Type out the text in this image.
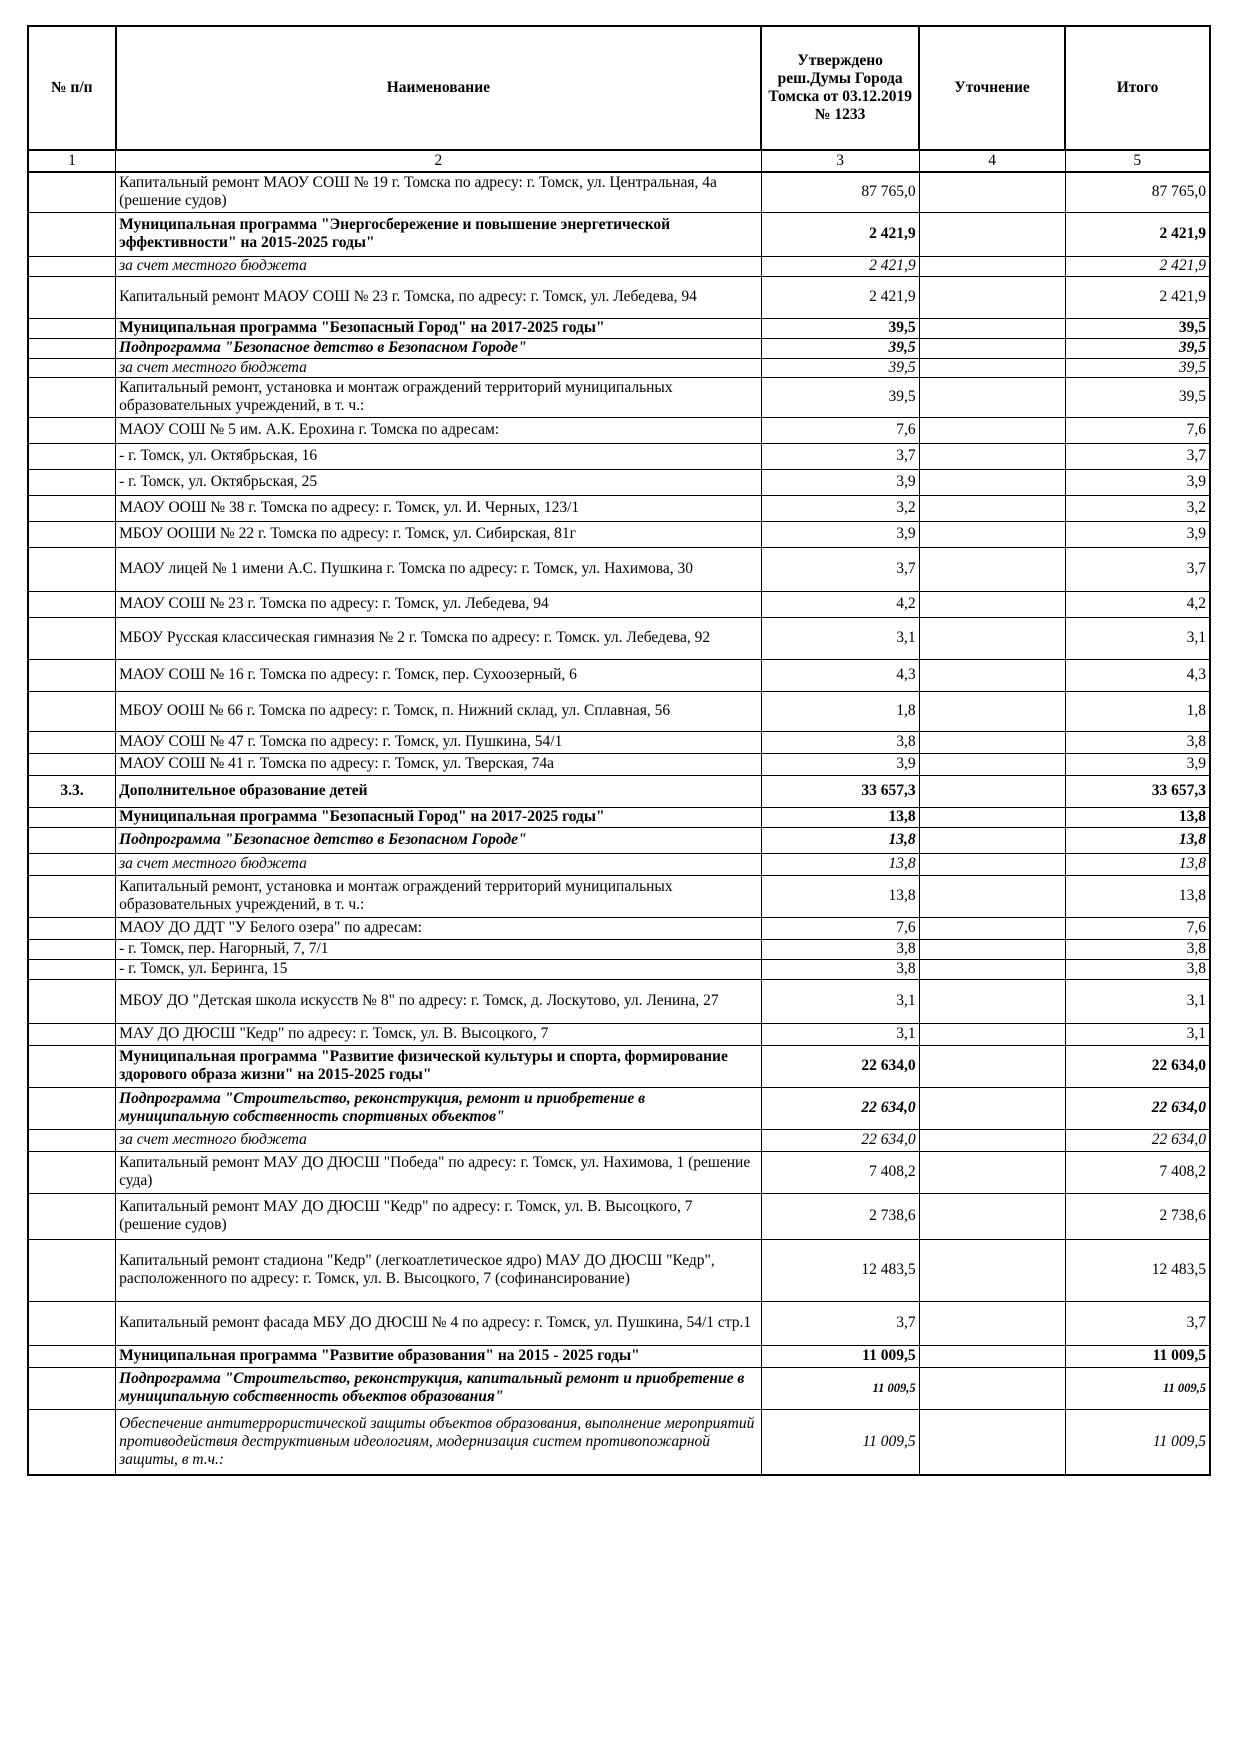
№ п/п	Наименование	Утверждено реш.Думы Города Томска от 03.12.2019 № 1233	Уточнение	Итого
1	2	3	4	5
	Капитальный ремонт МАОУ СОШ № 19 г. Томска по адресу: г. Томск, ул. Центральная, 4а (решение судов)	87 765,0		87 765,0
	Муниципальная программа "Энергосбережение и повышение энергетической эффективности" на 2015-2025 годы"	2 421,9		2 421,9
	за счет местного бюджета	2 421,9		2 421,9
	Капитальный ремонт МАОУ СОШ № 23 г. Томска, по адресу: г. Томск, ул. Лебедева, 94	2 421,9		2 421,9
	Муниципальная программа "Безопасный Город" на 2017-2025 годы"	39,5		39,5
	Подпрограмма "Безопасное детство в Безопасном Городе"	39,5		39,5
	за счет местного бюджета	39,5		39,5
	Капитальный ремонт, установка и монтаж ограждений территорий муниципальных образовательных учреждений, в т. ч.:	39,5		39,5
	МАОУ СОШ № 5 им. А.К. Ерохина г. Томска по адресам:	7,6		7,6
	- г. Томск, ул. Октябрьская, 16	3,7		3,7
	- г. Томск, ул. Октябрьская, 25	3,9		3,9
	МАОУ ООШ № 38 г. Томска по адресу: г. Томск, ул. И. Черных, 123/1	3,2		3,2
	МБОУ ООШИ № 22 г. Томска по адресу: г. Томск, ул. Сибирская, 81г	3,9		3,9
	МАОУ лицей № 1 имени А.С. Пушкина г. Томска по адресу: г. Томск, ул. Нахимова, 30	3,7		3,7
	МАОУ СОШ № 23 г. Томска по адресу: г. Томск, ул. Лебедева, 94	4,2		4,2
	МБОУ Русская классическая гимназия № 2 г. Томска по адресу: г. Томск. ул. Лебедева, 92	3,1		3,1
	МАОУ СОШ № 16 г. Томска по адресу: г. Томск, пер. Сухоозерный, 6	4,3		4,3
	МБОУ ООШ № 66 г. Томска по адресу: г. Томск, п. Нижний склад, ул. Сплавная, 56	1,8		1,8
	МАОУ СОШ № 47 г. Томска по адресу: г. Томск, ул. Пушкина, 54/1	3,8		3,8
	МАОУ СОШ № 41 г. Томска по адресу: г. Томск, ул. Тверская, 74а	3,9		3,9
3.3.	Дополнительное образование детей	33 657,3		33 657,3
	Муниципальная программа "Безопасный Город" на 2017-2025 годы"	13,8		13,8
	Подпрограмма "Безопасное детство в Безопасном Городе"	13,8		13,8
	за счет местного бюджета	13,8		13,8
	Капитальный ремонт, установка и монтаж ограждений территорий муниципальных образовательных учреждений, в т. ч.:	13,8		13,8
	МАОУ ДО ДДТ "У Белого озера" по адресам:	7,6		7,6
	- г. Томск, пер. Нагорный, 7, 7/1	3,8		3,8
	- г. Томск, ул. Беринга, 15	3,8		3,8
	МБОУ ДО "Детская школа искусств № 8" по адресу: г. Томск, д. Лоскутово, ул. Ленина, 27	3,1		3,1
	МАУ ДО ДЮСШ "Кедр" по адресу: г. Томск, ул. В. Высоцкого, 7	3,1		3,1
	Муниципальная программа "Развитие физической культуры и спорта, формирование здорового образа жизни" на 2015-2025 годы"	22 634,0		22 634,0
	Подпрограмма "Строительство, реконструкция, ремонт и приобретение в муниципальную собственность спортивных объектов"	22 634,0		22 634,0
	за счет местного бюджета	22 634,0		22 634,0
	Капитальный ремонт МАУ ДО ДЮСШ "Победа" по адресу: г. Томск, ул. Нахимова, 1 (решение суда)	7 408,2		7 408,2
	Капитальный ремонт МАУ ДО ДЮСШ "Кедр" по адресу: г. Томск, ул. В. Высоцкого, 7 (решение судов)	2 738,6		2 738,6
	Капитальный ремонт стадиона "Кедр" (легкоатлетическое ядро) МАУ ДО ДЮСШ "Кедр", расположенного по адресу: г. Томск, ул. В. Высоцкого, 7 (софинансирование)	12 483,5		12 483,5
	Капитальный ремонт фасада МБУ ДО ДЮСШ № 4 по адресу: г. Томск, ул. Пушкина, 54/1 стр.1	3,7		3,7
	Муниципальная программа "Развитие образования" на 2015 - 2025 годы"	11 009,5		11 009,5
	Подпрограмма "Строительство, реконструкция, капитальный ремонт и приобретение в муниципальную собственность объектов образования"	11 009,5		11 009,5
	Обеспечение антитеррористической защиты объектов образования, выполнение мероприятий противодействия деструктивным идеологиям, модернизация систем противопожарной защиты, в т.ч.:	11 009,5		11 009,5
